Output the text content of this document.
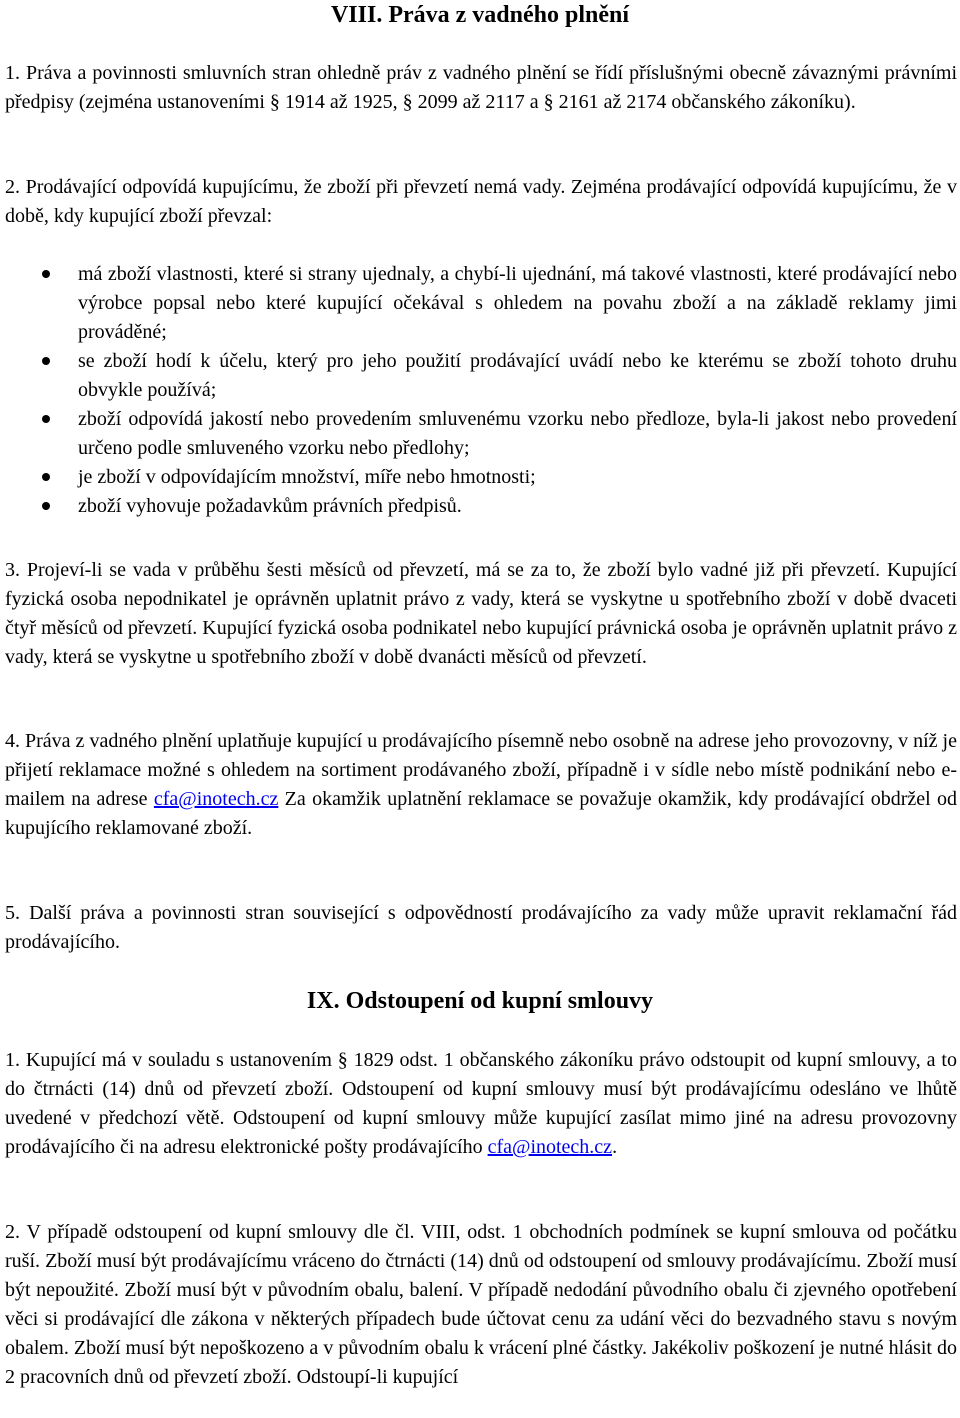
VIII. Práva z vadného plnění

1. Práva a povinnosti smluvních stran ohledně práv z vadného plnění se řídí příslušnými obecně závaznými právními předpisy (zejména ustanoveními § 1914 až 1925, § 2099 až 2117 a § 2161 až 2174 občanského zákoníku).

2. Prodávající odpovídá kupujícímu, že zboží při převzetí nemá vady. Zejména prodávající odpovídá kupujícímu, že v době, kdy kupující zboží převzal:

má zboží vlastnosti, které si strany ujednaly, a chybí-li ujednání, má takové vlastnosti, které prodávající nebo výrobce popsal nebo které kupující očekával s ohledem na povahu zboží a na základě reklamy jimi prováděné;
se zboží hodí k účelu, který pro jeho použití prodávající uvádí nebo ke kterému se zboží tohoto druhu obvykle používá;
zboží odpovídá jakostí nebo provedením smluvenému vzorku nebo předloze, byla-li jakost nebo provedení určeno podle smluveného vzorku nebo předlohy;
je zboží v odpovídajícím množství, míře nebo hmotnosti;
zboží vyhovuje požadavkům právních předpisů.

3. Projeví-li se vada v průběhu šesti měsíců od převzetí, má se za to, že zboží bylo vadné již při převzetí. Kupující fyzická osoba nepodnikatel je oprávněn uplatnit právo z vady, která se vyskytne u spotřebního zboží v době dvaceti čtyř měsíců od převzetí. Kupující fyzická osoba podnikatel nebo kupující právnická osoba je oprávněn uplatnit právo z vady, která se vyskytne u spotřebního zboží v době dvanácti měsíců od převzetí.

4. Práva z vadného plnění uplatňuje kupující u prodávajícího písemně nebo osobně na adrese jeho provozovny, v níž je přijetí reklamace možné s ohledem na sortiment prodávaného zboží, případně i v sídle nebo místě podnikání nebo e-mailem na adrese cfa@inotech.cz Za okamžik uplatnění reklamace se považuje okamžik, kdy prodávající obdržel od kupujícího reklamované zboží.

5. Další práva a povinnosti stran související s odpovědností prodávajícího za vady může upravit reklamační řád prodávajícího.

IX. Odstoupení od kupní smlouvy

1. Kupující má v souladu s ustanovením § 1829 odst. 1 občanského zákoníku právo odstoupit od kupní smlouvy, a to do čtrnácti (14) dnů od převzetí zboží. Odstoupení od kupní smlouvy musí být prodávajícímu odesláno ve lhůtě uvedené v předchozí větě. Odstoupení od kupní smlouvy může kupující zasílat mimo jiné na adresu provozovny prodávajícího či na adresu elektronické pošty prodávajícího cfa@inotech.cz.

2. V případě odstoupení od kupní smlouvy dle čl. VIII, odst. 1 obchodních podmínek se kupní smlouva od počátku ruší. Zboží musí být prodávajícímu vráceno do čtrnácti (14) dnů od odstoupení od smlouvy prodávajícímu. Zboží musí být nepoužité. Zboží musí být v původním obalu, balení. V případě nedodání původního obalu či zjevného opotřebení věci si prodávající dle zákona v některých případech bude účtovat cenu za udání věci do bezvadného stavu s novým obalem. Zboží musí být nepoškozeno a v původním obalu k vrácení plné částky. Jakékoliv poškození je nutné hlásit do 2 pracovních dnů od převzetí zboží. Odstoupí-li kupující
